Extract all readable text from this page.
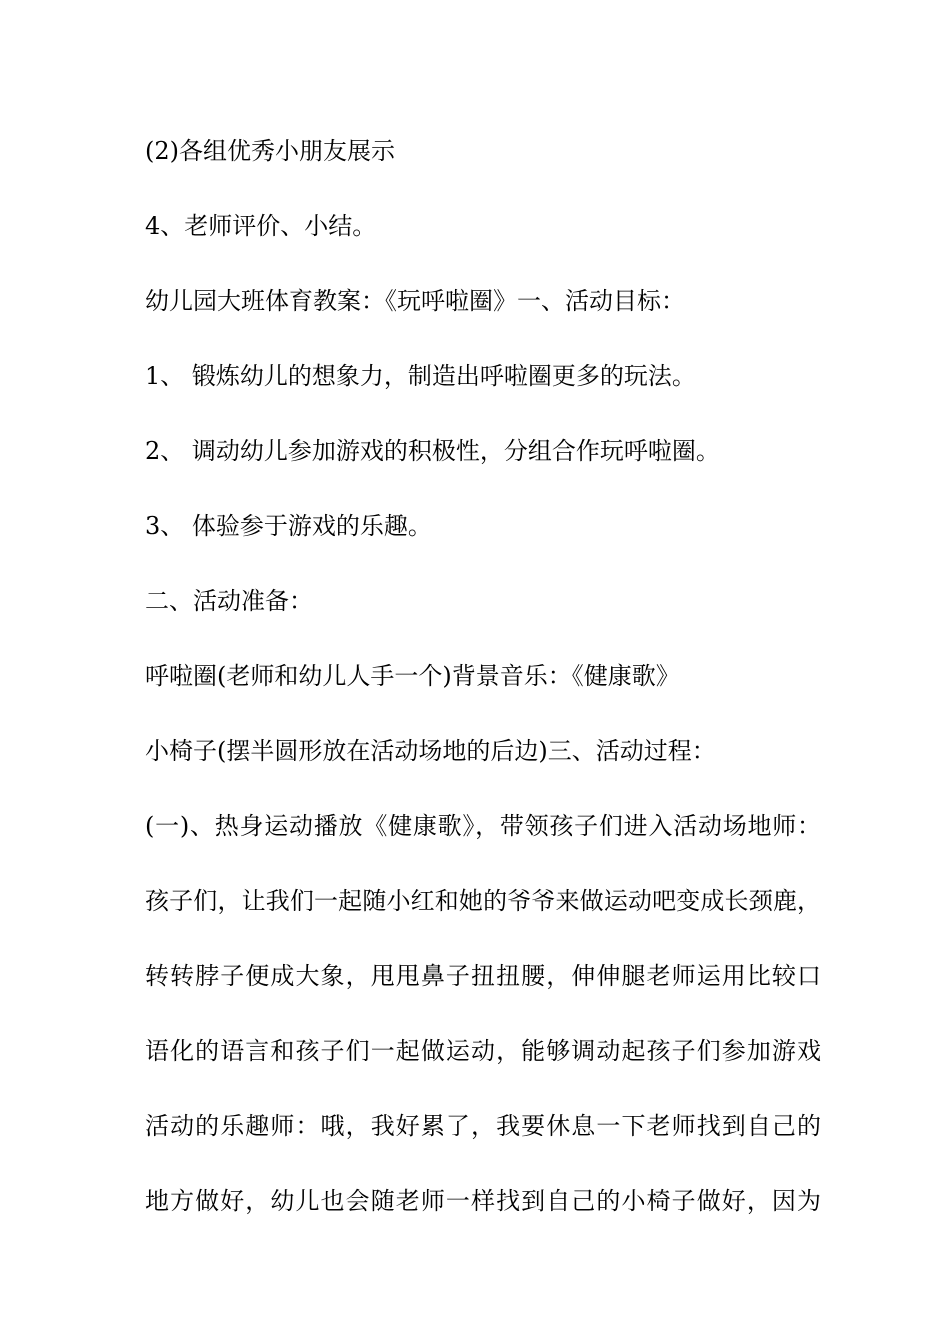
(2)各组优秀小朋友展示

4、老师评价、小结。

幼儿园大班体育教案：《玩呼啦圈》一、活动目标：

1、 锻炼幼儿的想象力，制造出呼啦圈更多的玩法。

2、 调动幼儿参加游戏的积极性，分组合作玩呼啦圈。

3、 体验参于游戏的乐趣。

二、活动准备：

呼啦圈(老师和幼儿人手一个)背景音乐：《健康歌》

小椅子(摆半圆形放在活动场地的后边)三、活动过程：

(一)、热身运动播放《健康歌》，带领孩子们进入活动场地师：

孩子们，让我们一起随小红和她的爷爷来做运动吧变成长颈鹿，

转转脖子便成大象，甩甩鼻子扭扭腰，伸伸腿老师运用比较口

语化的语言和孩子们一起做运动，能够调动起孩子们参加游戏

活动的乐趣师：哦，我好累了，我要休息一下老师找到自己的

地方做好，幼儿也会随老师一样找到自己的小椅子做好，因为
